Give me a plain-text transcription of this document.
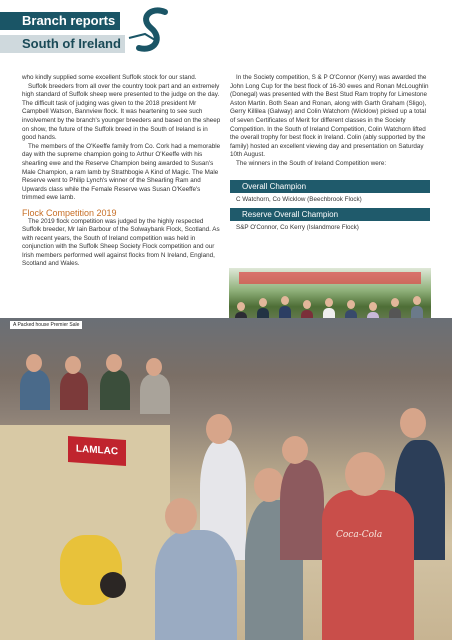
Branch reports
South of Ireland

who kindly supplied some excellent Suffolk stock for our stand.

Suffolk breeders from all over the country took part and an extremely high standard of Suffolk sheep were presented to the judge on the day. The difficult task of judging was given to the 2018 president Mr Campbell Watson, Bannview flock. It was heartening to see such involvement by the branch's younger breeders and based on the sheep on show, the future of the Suffolk breed in the South of Ireland is in good hands.

The members of the O'Keeffe family from Co. Cork had a memorable day with the supreme champion going to Arthur O'Keeffe with his shearling ewe and the Reserve Champion being awarded to Susan's Male Champion, a ram lamb by Strathbogie A Kind of Magic. The Male Reserve went to Philip Lynch's winner of the Shearling Ram and Upwards class while the Female Reserve was Susan O'Keeffe's trimmed ewe lamb.

Flock Competition 2019

The 2019 flock competition was judged by the highly respected Suffolk breeder, Mr Iain Barbour of the Solwaybank Flock, Scotland. As with recent years, the South of Ireland competition was held in conjunction with the Suffolk Sheep Society Flock competition and our Irish members performed well against flocks from N Ireland, England, Scotland and Wales.

In the Society competition, S & P O'Connor (Kerry) was awarded the John Long Cup for the best flock of 16-30 ewes and Ronan McLoughlin (Donegal) was presented with the Best Stud Ram trophy for Limestone Aston Martin. Both Sean and Ronan, along with Garth Graham (Sligo), Gerry Killilea (Galway) and Colin Watchorn (Wicklow) picked up a total of seven Certificates of Merit for different classes in the Society Competition. In the South of Ireland Competition, Colin Watchorn lifted the overall trophy for best flock in Ireland. Colin (ably supported by the family) hosted an excellent viewing day and presentation on Saturday 10th August.

The winners in the South of Ireland Competition were:

Overall Champion

C Watchorn, Co Wicklow (Beechbrook Flock)

Reserve Overall Champion

S&P O'Connor, Co Kerry (Islandmore Flock)

A Packed house Premier Sale
LAMLAC
Coca-Cola
